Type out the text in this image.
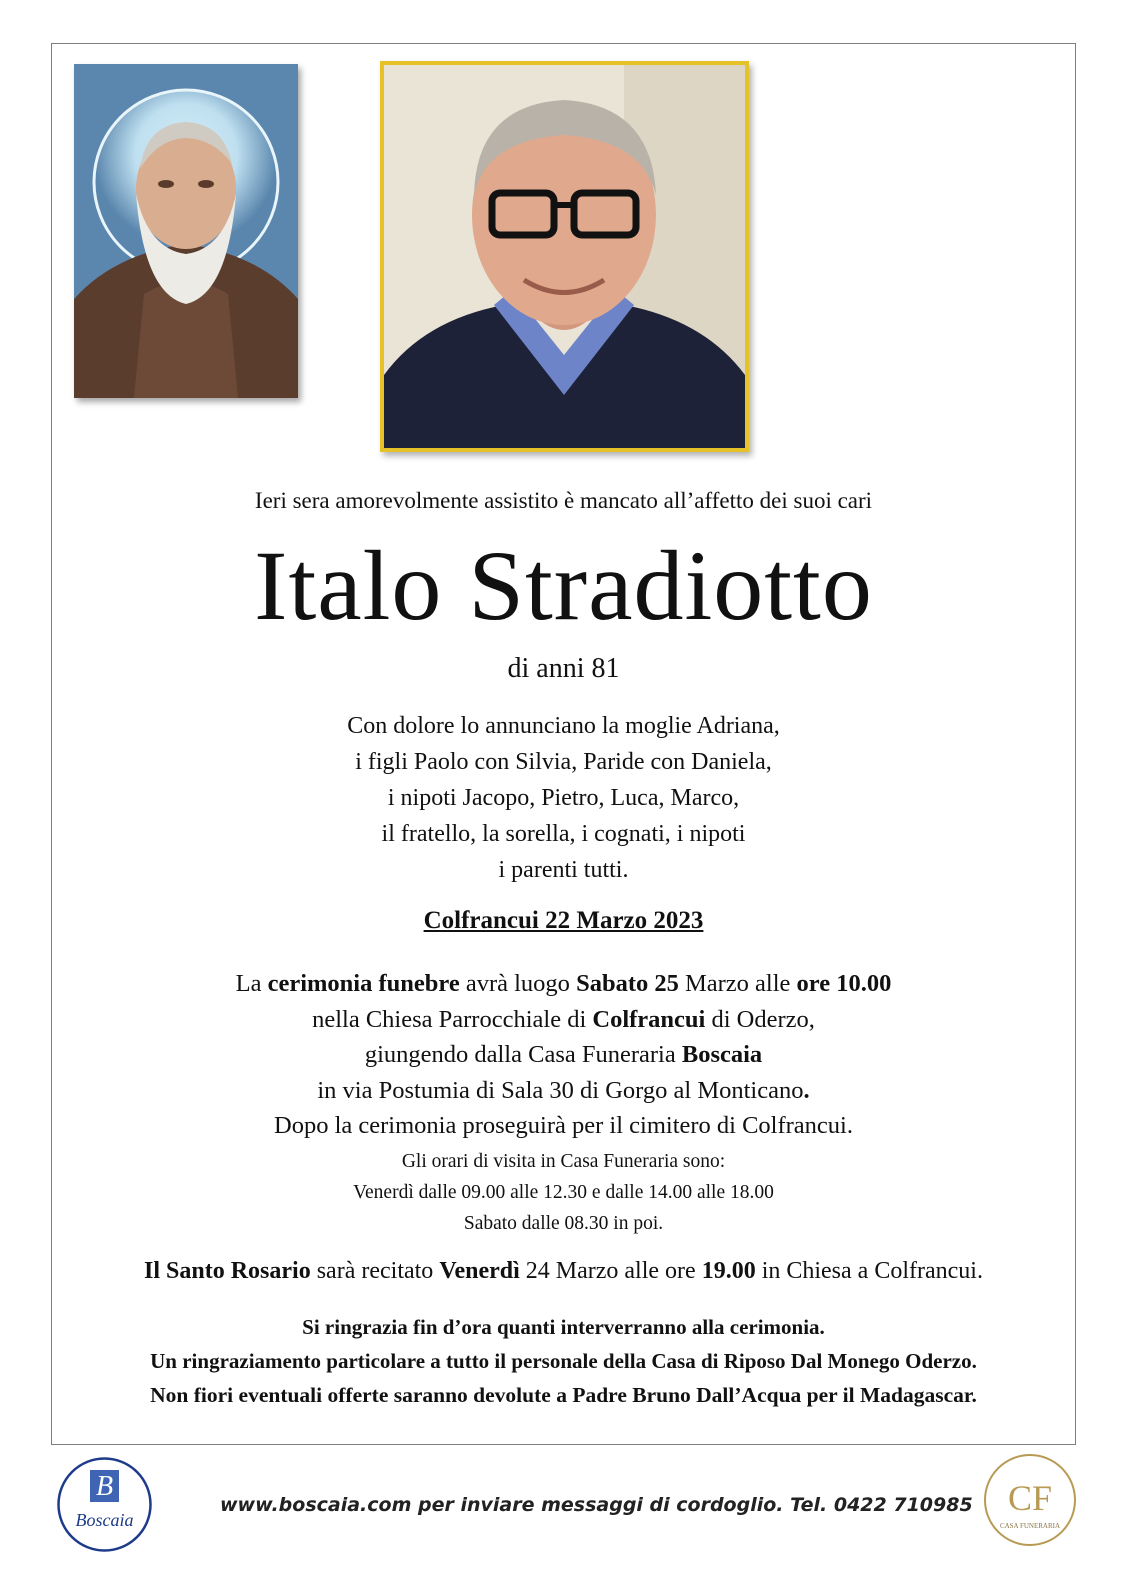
Ieri sera amorevolmente assistito è mancato all’affetto dei suoi cari
Italo Stradiotto
di anni 81
Con dolore lo annunciano la moglie Adriana,
i figli Paolo con Silvia, Paride con Daniela,
i nipoti Jacopo, Pietro, Luca, Marco,
il fratello, la sorella, i cognati, i nipoti
i parenti tutti.
Colfrancui 22 Marzo 2023
La cerimonia funebre avrà luogo Sabato 25 Marzo alle ore 10.00
nella Chiesa Parrocchiale di Colfrancui di Oderzo,
giungendo dalla Casa Funeraria Boscaia
in via Postumia di Sala 30 di Gorgo al Monticano.
Dopo la cerimonia proseguirà per il cimitero di Colfrancui.
Gli orari di visita in Casa Funeraria sono:
Venerdì dalle 09.00 alle 12.30 e dalle 14.00 alle 18.00
Sabato dalle 08.30 in poi.
Il Santo Rosario sarà recitato Venerdì 24 Marzo alle ore 19.00 in Chiesa a Colfrancui.
Si ringrazia fin d’ora quanti interverranno alla cerimonia.
Un ringraziamento particolare a tutto il personale della Casa di Riposo Dal Monego Oderzo.
Non fiori eventuali offerte saranno devolute a Padre Bruno Dall’Acqua per il Madagascar.
B
Boscaia
www.boscaia.com per inviare messaggi di cordoglio. Tel. 0422 710985 CF
CASA FUNERARIA
